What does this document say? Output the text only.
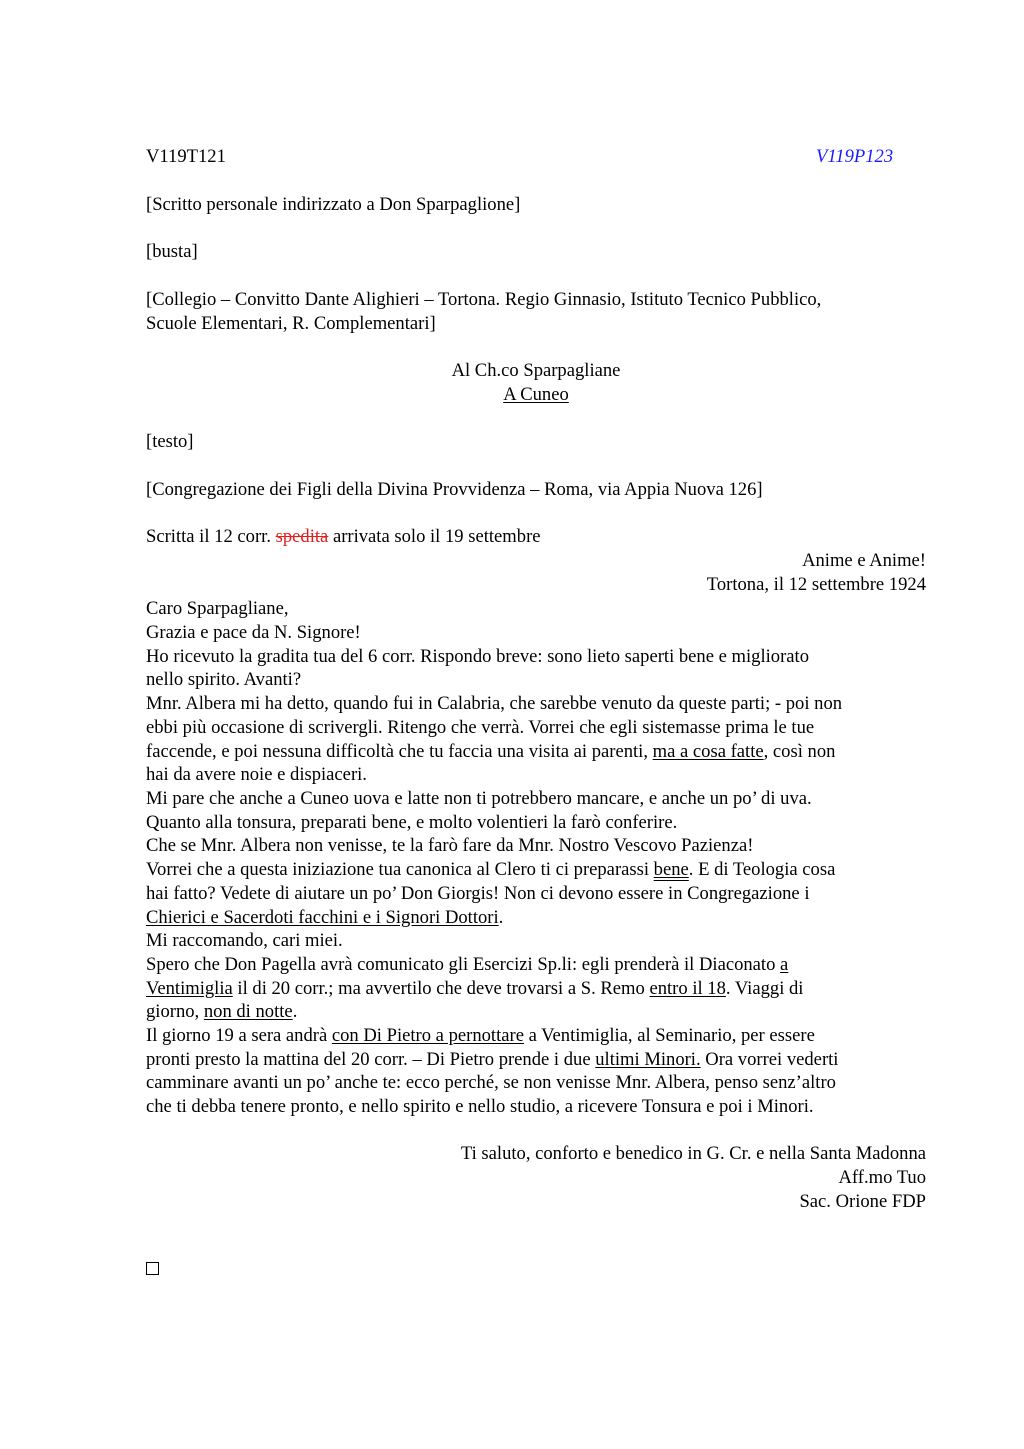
V119T121	V119P123
[Scritto personale indirizzato a Don Sparpaglione]
[busta]
[Collegio – Convitto Dante Alighieri – Tortona. Regio Ginnasio, Istituto Tecnico Pubblico,
Scuole Elementari, R. Complementari]
Al Ch.co Sparpagliane
A Cuneo
[testo]
[Congregazione dei Figli della Divina Provvidenza – Roma, via Appia Nuova 126]
Scritta il 12 corr. spedita arrivata solo il 19 settembre
Anime e Anime!
Tortona, il 12 settembre 1924
Caro Sparpagliane,
Grazia e pace da N. Signore!
Ho ricevuto la gradita tua del 6 corr. Rispondo breve: sono lieto saperti bene e migliorato
nello spirito. Avanti?
Mnr. Albera mi ha detto, quando fui in Calabria, che sarebbe venuto da queste parti; - poi non
ebbi più occasione di scrivergli. Ritengo che verrà. Vorrei che egli sistemasse prima le tue
faccende, e poi nessuna difficoltà che tu faccia una visita ai parenti, ma a cosa fatte, così non
hai da avere noie e dispiaceri.
Mi pare che anche a Cuneo uova e latte non ti potrebbero mancare, e anche un po’ di uva.
Quanto alla tonsura, preparati bene, e molto volentieri la farò conferire.
Che se Mnr. Albera non venisse, te la farò fare da Mnr. Nostro Vescovo Pazienza!
Vorrei che a questa iniziazione tua canonica al Clero ti ci preparassi bene. E di Teologia cosa
hai fatto? Vedete di aiutare un po’ Don Giorgis! Non ci devono essere in Congregazione i
Chierici e Sacerdoti facchini e i Signori Dottori.
Mi raccomando, cari miei.
Spero che Don Pagella avrà comunicato gli Esercizi Sp.li: egli prenderà il Diaconato a
Ventimiglia il di 20 corr.; ma avvertilo che deve trovarsi a S. Remo entro il 18. Viaggi di
giorno, non di notte.
Il giorno 19 a sera andrà con Di Pietro a pernottare a Ventimiglia, al Seminario, per essere
pronti presto la mattina del 20 corr. – Di Pietro prende i due ultimi Minori. Ora vorrei vederti
camminare avanti un po’ anche te: ecco perché, se non venisse Mnr. Albera, penso senz’altro
che ti debba tenere pronto, e nello spirito e nello studio, a ricevere Tonsura e poi i Minori.
Ti saluto, conforto e benedico in G. Cr. e nella Santa Madonna
Aff.mo Tuo
Sac. Orione FDP
